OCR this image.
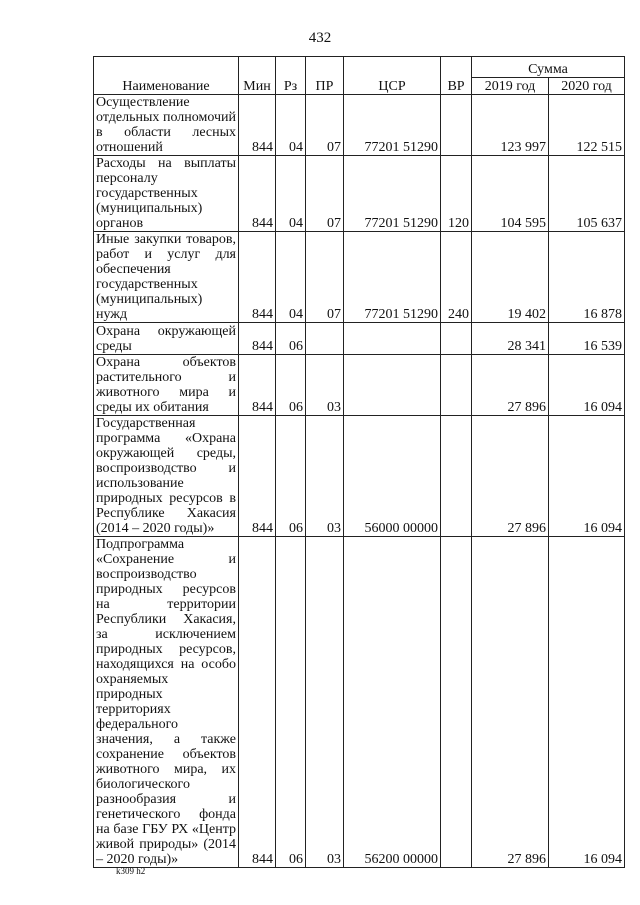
432
Наименование	Мин	Рз	ПР	ЦСР	ВР	Сумма	
						2019 год	2020 год
Осуществление отдельных полномочий в области лесных отношений	844	04	07	77201 51290		123 997	122 515
Расходы на выплаты персоналу государственных (муниципальных) органов	844	04	07	77201 51290	120	104 595	105 637
Иные закупки товаров, работ и услуг для обеспечения государственных (муниципальных) нужд	844	04	07	77201 51290	240	19 402	16 878
Охрана окружающей среды	844	06				28 341	16 539
Охрана объектов растительного и животного мира и среды их обитания	844	06	03			27 896	16 094
Государственная программа «Охрана окружающей среды, воспроизводство и использование природных ресурсов в Республике Хакасия (2014 – 2020 годы)»	844	06	03	56000 00000		27 896	16 094
Подпрограмма «Сохранение и воспроизводство природных ресурсов на территории Республики Хакасия, за исключением природных ресурсов, находящихся на особо охраняемых природных территориях федерального значения, а также сохранение объектов животного мира, их биологического разнообразия и генетического фонда на базе ГБУ РХ «Центр живой природы» (2014 – 2020 годы)»	844	06	03	56200 00000		27 896	16 094
k309 h2
